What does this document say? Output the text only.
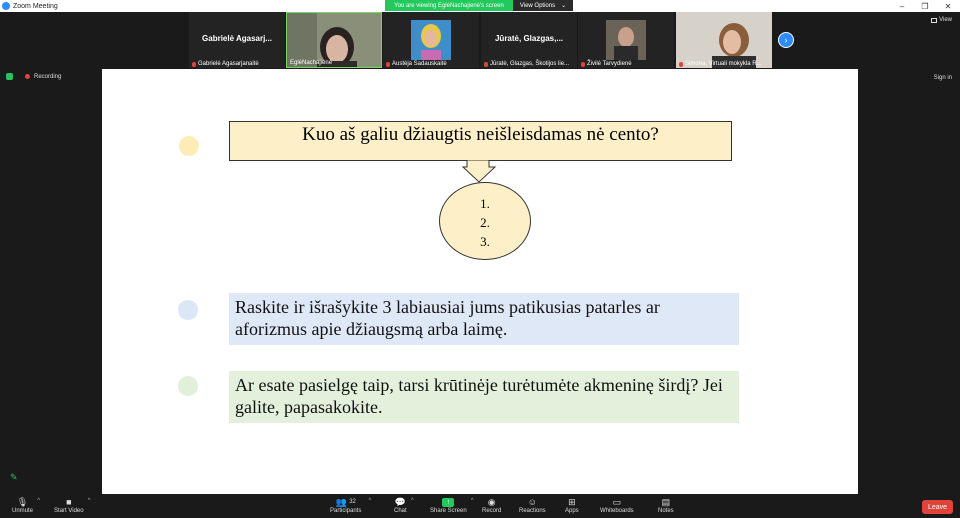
Zoom Meeting	–	❐	✕
You are viewing EglėNachajienė's screen	View Options ⌄
Gabrielė Agasarj...
Gabrielė Agasarjanaitė	EglėNachajienė	Austėja Sadauskaitė
Jūratė, Glazgas,...
Jūratė, Glazgas, Škotijos lie...	Živilė Tarvydienė	Simona, Virtuali mokykla R...
›
View
Recording	Sign in
Kuo aš galiu džiaugtis neišleisdamas nė cento?
1.
2.
3.
Raskite ir išrašykite 3 labiausiai jums patikusias patarles ar aforizmus apie džiaugsmą arba laimę.
Ar esate pasielgę taip, tarsi krūtinėje turėtumėte akmeninę širdį? Jei galite, papasakokite.
✎
🎙
Unmute
^	■
Start Video
^	👥 32
Participants
^	💬
Chat
^	↑
Share Screen
^ ◉
Record
☺
Reactions
⊞
Apps
▭
Whiteboards
▤
Notes
Leave
